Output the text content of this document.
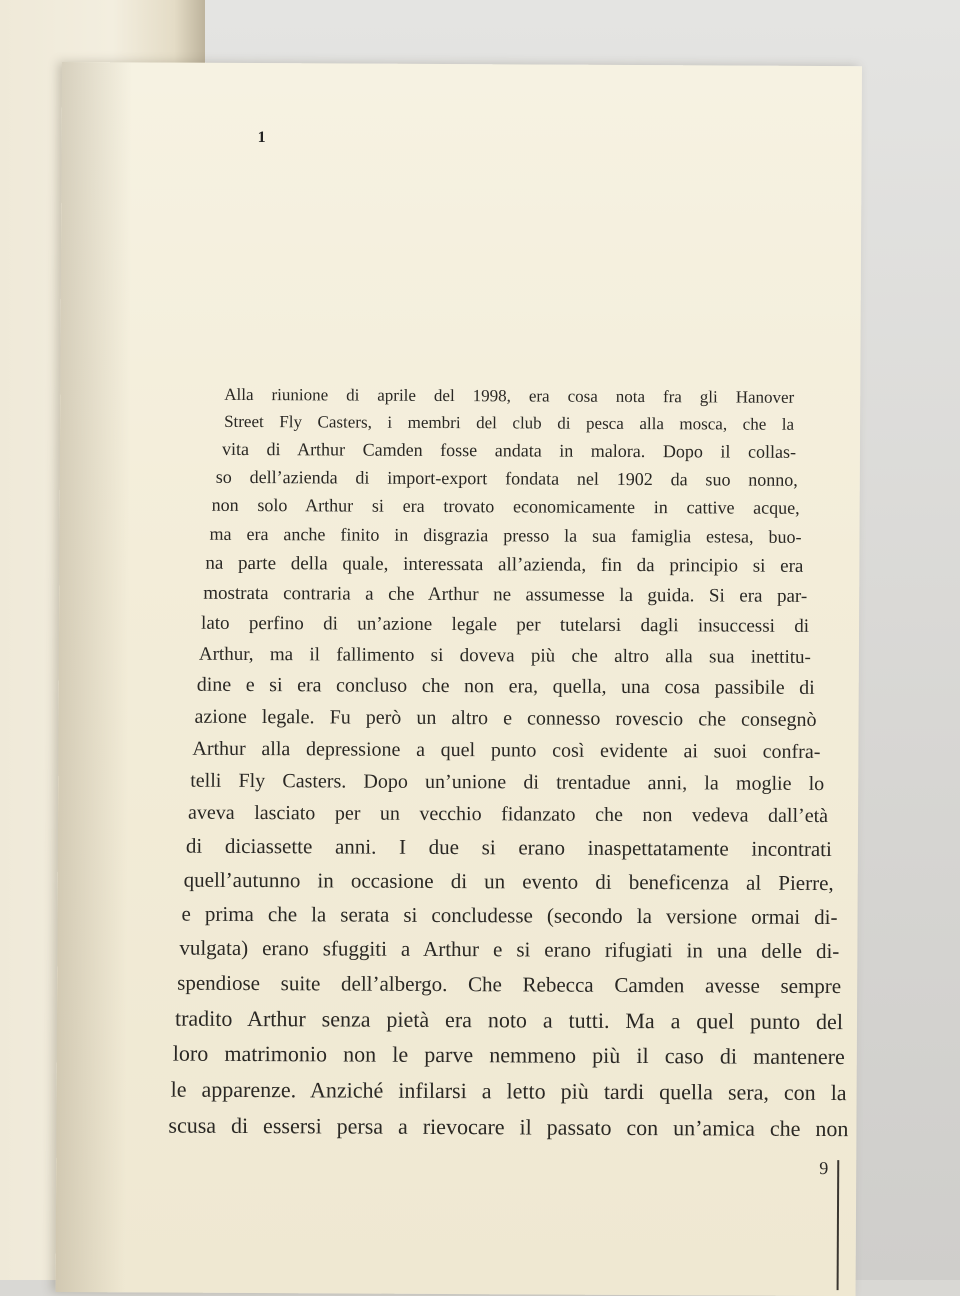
1

Alla riunione di aprile del 1998, era cosa nota fra gli Hanover
Street Fly Casters, i membri del club di pesca alla mosca, che la
vita di Arthur Camden fosse andata in malora. Dopo il collas-
so dell’azienda di import-export fondata nel 1902 da suo nonno,
non solo Arthur si era trovato economicamente in cattive acque,
ma era anche finito in disgrazia presso la sua famiglia estesa, buo-
na parte della quale, interessata all’azienda, fin da principio si era
mostrata contraria a che Arthur ne assumesse la guida. Si era par-
lato perfino di un’azione legale per tutelarsi dagli insuccessi di
Arthur, ma il fallimento si doveva più che altro alla sua inettitu-
dine e si era concluso che non era, quella, una cosa passibile di
azione legale. Fu però un altro e connesso rovescio che consegnò
Arthur alla depressione a quel punto così evidente ai suoi confra-
telli Fly Casters. Dopo un’unione di trentadue anni, la moglie lo
aveva lasciato per un vecchio fidanzato che non vedeva dall’età
di diciassette anni. I due si erano inaspettatamente incontrati
quell’autunno in occasione di un evento di beneficenza al Pierre,
e prima che la serata si concludesse (secondo la versione ormai di-
vulgata) erano sfuggiti a Arthur e si erano rifugiati in una delle di-
spendiose suite dell’albergo. Che Rebecca Camden avesse sempre
tradito Arthur senza pietà era noto a tutti. Ma a quel punto del
loro matrimonio non le parve nemmeno più il caso di mantenere
le apparenze. Anziché infilarsi a letto più tardi quella sera, con la
scusa di essersi persa a rievocare il passato con un’amica che non

9
